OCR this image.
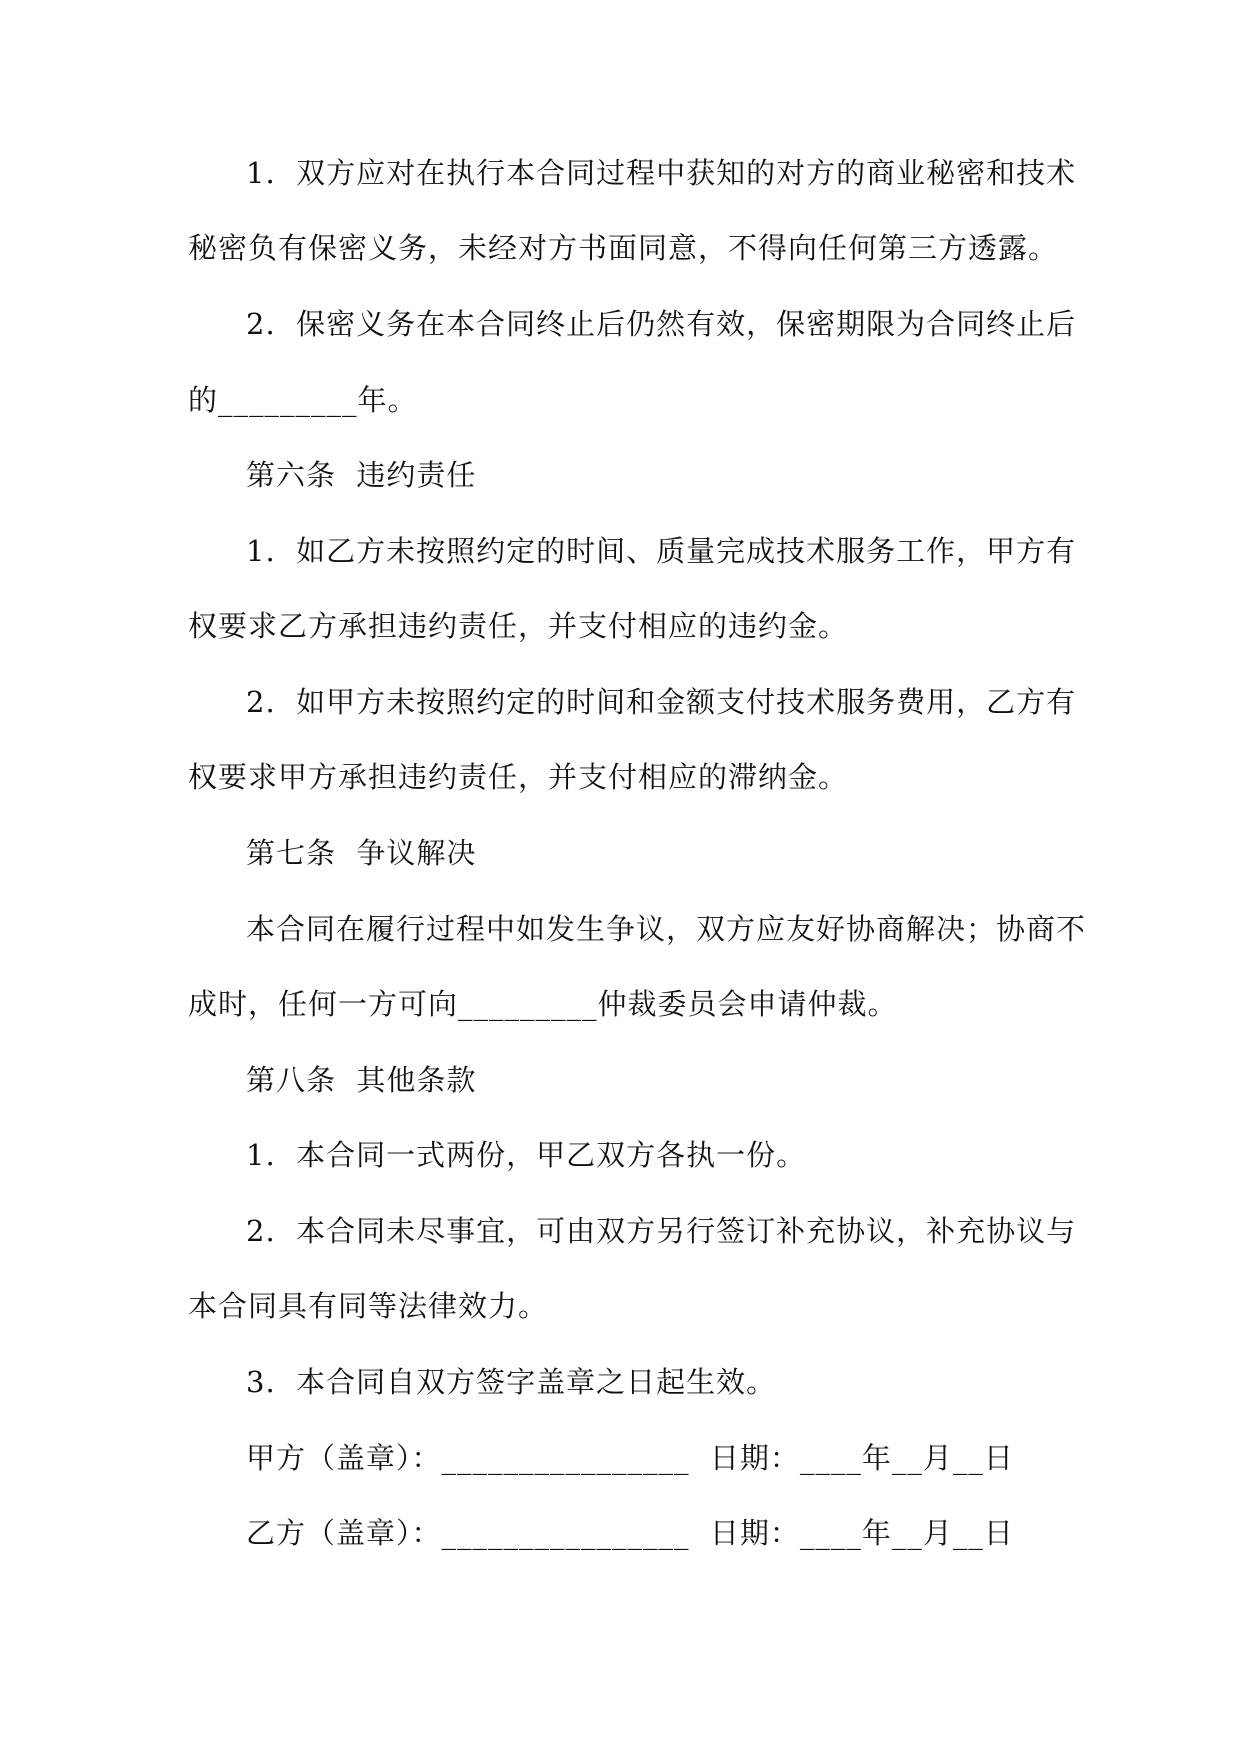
1.  双方应对在执行本合同过程中获知的对方的商业秘密和技术
秘密负有保密义务，未经对方书面同意，不得向任何第三方透露。
2.  保密义务在本合同终止后仍然有效，保密期限为合同终止后
的_________年。
第六条  违约责任
1.  如乙方未按照约定的时间、质量完成技术服务工作，甲方有
权要求乙方承担违约责任，并支付相应的违约金。
2.  如甲方未按照约定的时间和金额支付技术服务费用，乙方有
权要求甲方承担违约责任，并支付相应的滞纳金。
第七条  争议解决
本合同在履行过程中如发生争议，双方应友好协商解决；协商不
成时，任何一方可向_________仲裁委员会申请仲裁。
第八条  其他条款
1.  本合同一式两份，甲乙双方各执一份。
2.  本合同未尽事宜，可由双方另行签订补充协议，补充协议与
本合同具有同等法律效力。
3.  本合同自双方签字盖章之日起生效。
甲方（盖章）：________________  日期：____年__月__日
乙方（盖章）：________________  日期：____年__月__日
